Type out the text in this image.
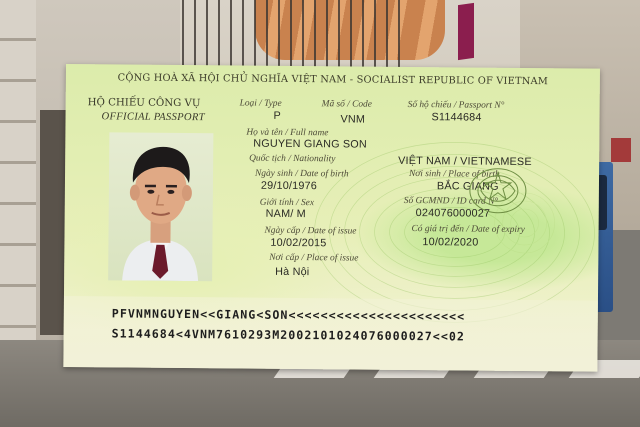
CỘNG HOÀ XÃ HỘI CHỦ NGHĨA VIỆT NAM - SOCIALIST REPUBLIC OF VIETNAM
HỘ CHIẾU CÔNG VỤ
OFFICIAL PASSPORT
Loại / Type
P
Mã số / Code
VNM
Số hộ chiếu / Passport N°
S1144684
Họ và tên / Full name
NGUYEN GIANG SON
Quốc tịch / Nationality	VIỆT NAM / VIETNAMESE
Ngày sinh / Date of birth
29/10/1976
Nơi sinh / Place of birth
BẮC GIANG
Giới tính / Sex
NAM/ M
Số GCMND / ID card N°
024076000027
Ngày cấp / Date of issue
10/02/2015
Có giá trị đến / Date of expiry
10/02/2020
Nơi cấp / Place of issue
Hà Nội
PFVNMNGUYEN<<GIANG<SON<<<<<<<<<<<<<<<<<<<<<<
S1144684<4VNM7610293M2002101024076000027<<02
